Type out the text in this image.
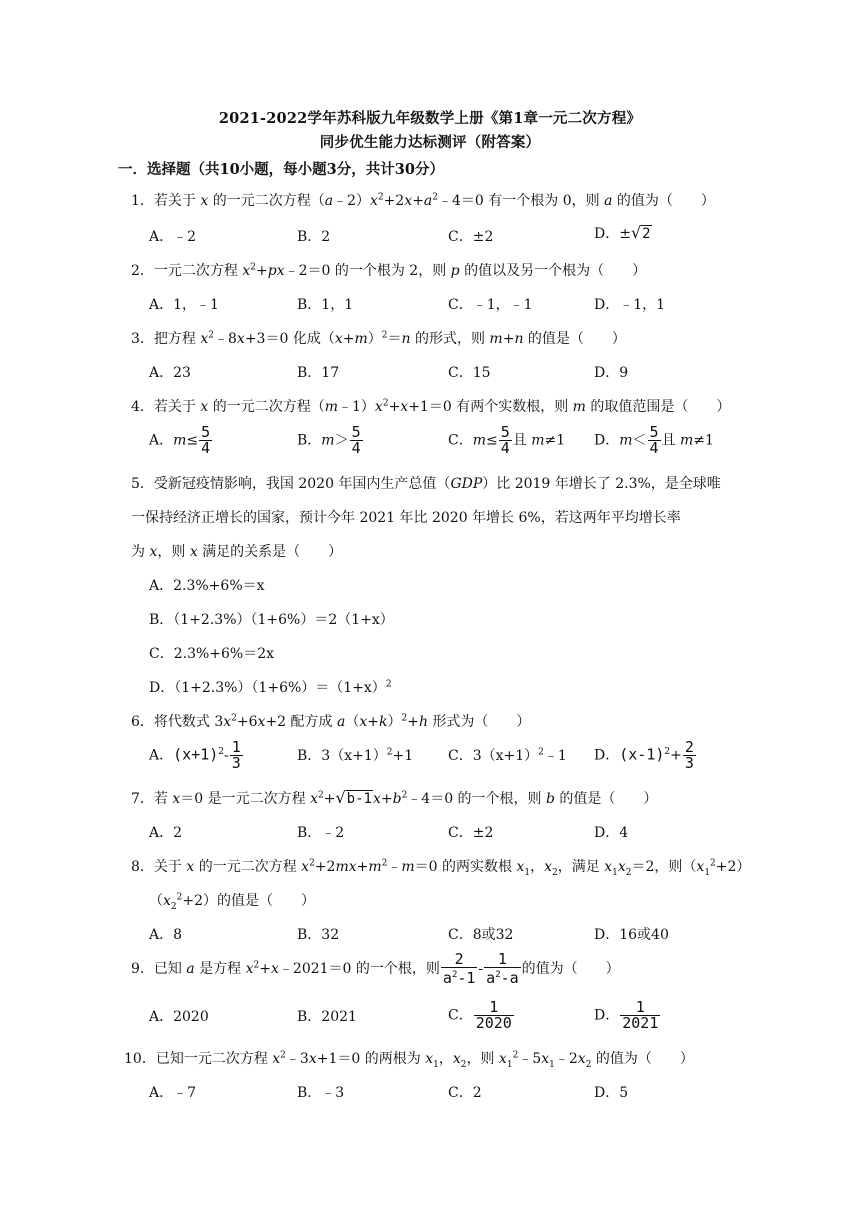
2021-2022学年苏科版九年级数学上册《第1章一元二次方程》
同步优生能力达标测评（附答案）
一．选择题（共10小题，每小题3分，共计30分）
1．若关于 x 的一元二次方程$(a﹣2)x^2+2x+a^2﹣4=0$ 有一个根为 0，则 a 的值为（　　）
A．﹣2	B．2	C．±2	D．±√2
2．一元二次方程 $x^2+px﹣2=0$ 的一个根为 2，则 p 的值以及另一个根为（　　）
A．1，﹣1	B．1，1	C．﹣1，﹣1	D．﹣1，1
3．把方程 $x^2﹣8x+3=0$ 化成$(x+m)^2=n$ 的形式，则 m+n 的值是（　　）
A．23	B．17	C．15	D．9
4．若关于 x 的一元二次方程$(m﹣1)x^2+x+1=0$ 有两个实数根，则 m 的取值范围是（　　）
A．$m\le \frac{5}{4}$	B．$m> \frac{5}{4}$	C．$m\le \frac{5}{4}$ 且 m≠1 D．$m< \frac{5}{4}$ 且 m≠1
5．受新冠疫情影响，我国 2020 年国内生产总值（GDP）比 2019 年增长了 2.3%，是全球唯
一保持经济正增长的国家，预计今年 2021 年比 2020 年增长 6%，若这两年平均增长率
为 x，则 x 满足的关系是（　　）
A．2.3%+6%＝x
B．（1+2.3%）（1+6%）＝2（1+x）
C．2.3%+6%＝2x
D．$(1+2.3\%)(1+6\%)=(1+x)^2$
6．将代数式 $3x^2+6x+2$ 配方成 $a(x+k)^2+h$ 形式为（　　）
A．$(x+1)^2- \frac{1}{3}$	B．$3(x+1)^2+1$ C．$3(x+1)^2﹣1$ D．$(x-1)^2+ \frac{2}{3}$
7．若 x＝0 是一元二次方程 $x^2+√b-1x+b^2﹣4=0$ 的一个根，则 b 的值是（　　）
A．2	B．﹣2	C．±2	D．4
8．关于 x 的一元二次方程 $x^2+2mx+m^2﹣m=0$ 的两实数根 $x_1$，$x_2$，满足 $x_1x_2=2$，则$(x_1^2+2)$
$(x_2^2+2)$的值是（　　）
A．8	B．32	C．8或32	D．16或40
9．已知 a 是方程 $x^2+x﹣2021=0$ 的一个根，则 $\frac{2}{a^2-1} - \frac{1}{a^2-a}$ 的值为（　　）
A．2020	B．2021	C． $\frac{1}{2020}$	D． $\frac{1}{2021}$
10．已知一元二次方程 $x^2﹣3x+1=0$ 的两根为 $x_1$，$x_2$，则 $x_1^2﹣5x_1﹣2x_2$ 的值为（　　）
A．﹣7	B．﹣3	C．2	D．5
